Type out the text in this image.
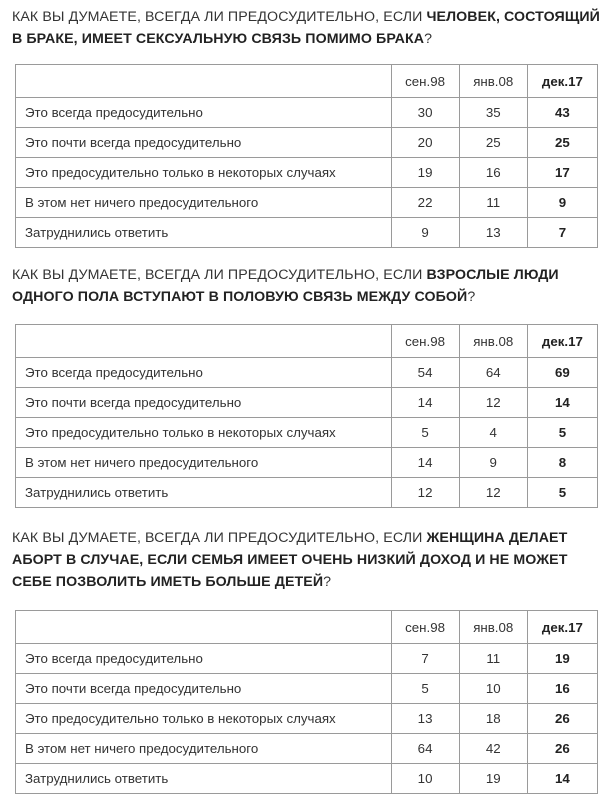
КАК ВЫ ДУМАЕТЕ, ВСЕГДА ЛИ ПРЕДОСУДИТЕЛЬНО, ЕСЛИ ЧЕЛОВЕК, СОСТОЯЩИЙ В БРАКЕ, ИМЕЕТ СЕКСУАЛЬНУЮ СВЯЗЬ ПОМИМО БРАКА?

	сен.98	янв.08	дек.17
Это всегда предосудительно	30	35	43
Это почти всегда предосудительно	20	25	25
Это предосудительно только в некоторых случаях	19	16	17
В этом нет ничего предосудительного	22	11	9
Затруднились ответить	9	13	7

КАК ВЫ ДУМАЕТЕ, ВСЕГДА ЛИ ПРЕДОСУДИТЕЛЬНО, ЕСЛИ ВЗРОСЛЫЕ ЛЮДИ ОДНОГО ПОЛА ВСТУПАЮТ В ПОЛОВУЮ СВЯЗЬ МЕЖДУ СОБОЙ?

	сен.98	янв.08	дек.17
Это всегда предосудительно	54	64	69
Это почти всегда предосудительно	14	12	14
Это предосудительно только в некоторых случаях	5	4	5
В этом нет ничего предосудительного	14	9	8
Затруднились ответить	12	12	5

КАК ВЫ ДУМАЕТЕ, ВСЕГДА ЛИ ПРЕДОСУДИТЕЛЬНО, ЕСЛИ ЖЕНЩИНА ДЕЛАЕТ АБОРТ В СЛУЧАЕ, ЕСЛИ СЕМЬЯ ИМЕЕТ ОЧЕНЬ НИЗКИЙ ДОХОД И НЕ МОЖЕТ СЕБЕ ПОЗВОЛИТЬ ИМЕТЬ БОЛЬШЕ ДЕТЕЙ?

	сен.98	янв.08	дек.17
Это всегда предосудительно	7	11	19
Это почти всегда предосудительно	5	10	16
Это предосудительно только в некоторых случаях	13	18	26
В этом нет ничего предосудительного	64	42	26
Затруднились ответить	10	19	14
